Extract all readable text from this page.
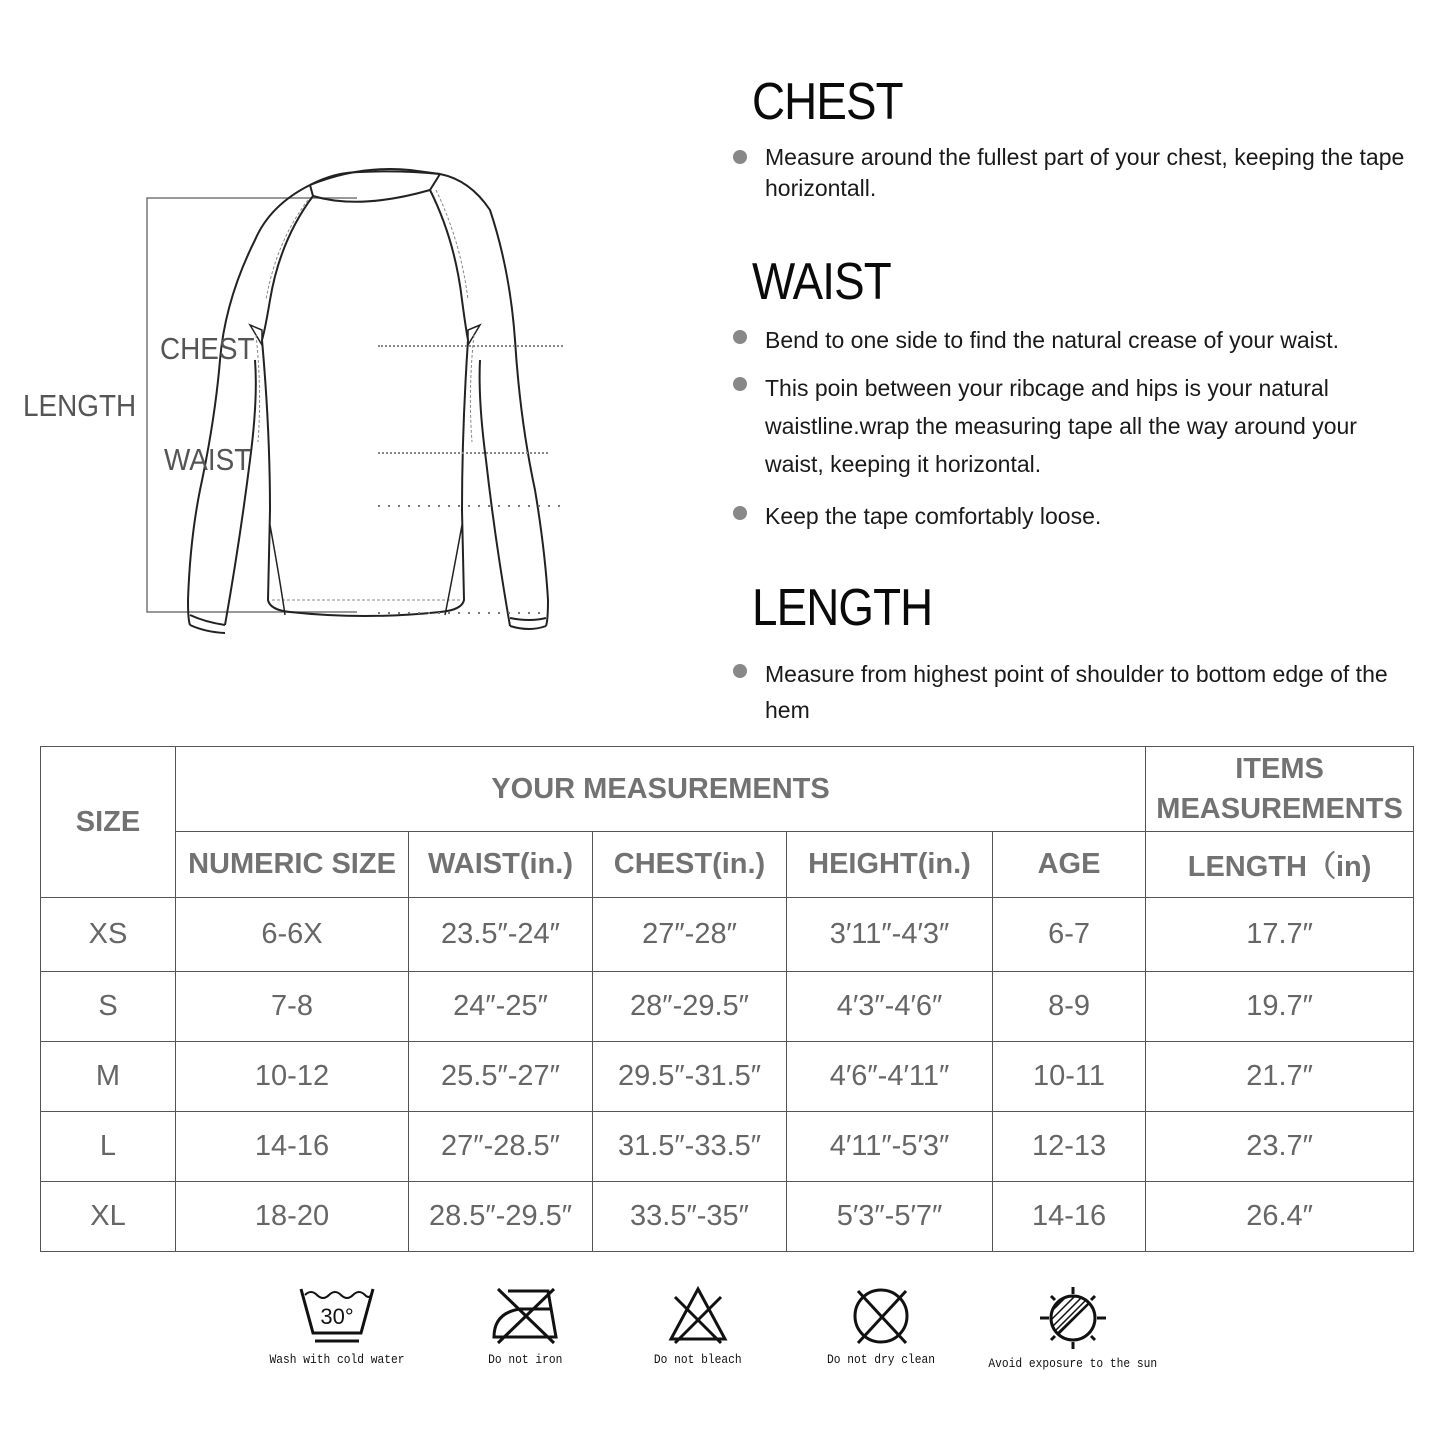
LENGTH
CHEST
WAIST
CHEST
Measure around the fullest part of your chest, keeping the tape horizontall.
WAIST
Bend to one side to find the natural crease of your waist.
This poin between your ribcage and hips is your natural waistline.wrap the measuring tape all the way around your waist, keeping it horizontal.
Keep the tape comfortably loose.
LENGTH
Measure from highest point of shoulder to bottom edge of the hem
SIZE	YOUR MEASUREMENTS					ITEMS MEASUREMENTS
	NUMERIC SIZE	WAIST(in.)	CHEST(in.)	HEIGHT(in.)	AGE	LENGTH（in)
XS	6-6X	23.5″-24″	27″-28″	3′11″-4′3″	6-7	17.7″
S	7-8	24″-25″	28″-29.5″	4′3″-4′6″	8-9	19.7″
M	10-12	25.5″-27″	29.5″-31.5″	4′6″-4′11″	10-11	21.7″
L	14-16	27″-28.5″	31.5″-33.5″	4′11″-5′3″	12-13	23.7″
XL	18-20	28.5″-29.5″	33.5″-35″	5′3″-5′7″	14-16	26.4″
30°
Wash with cold water	Do not iron	Do not bleach	Do not dry clean	Avoid exposure to the sun
